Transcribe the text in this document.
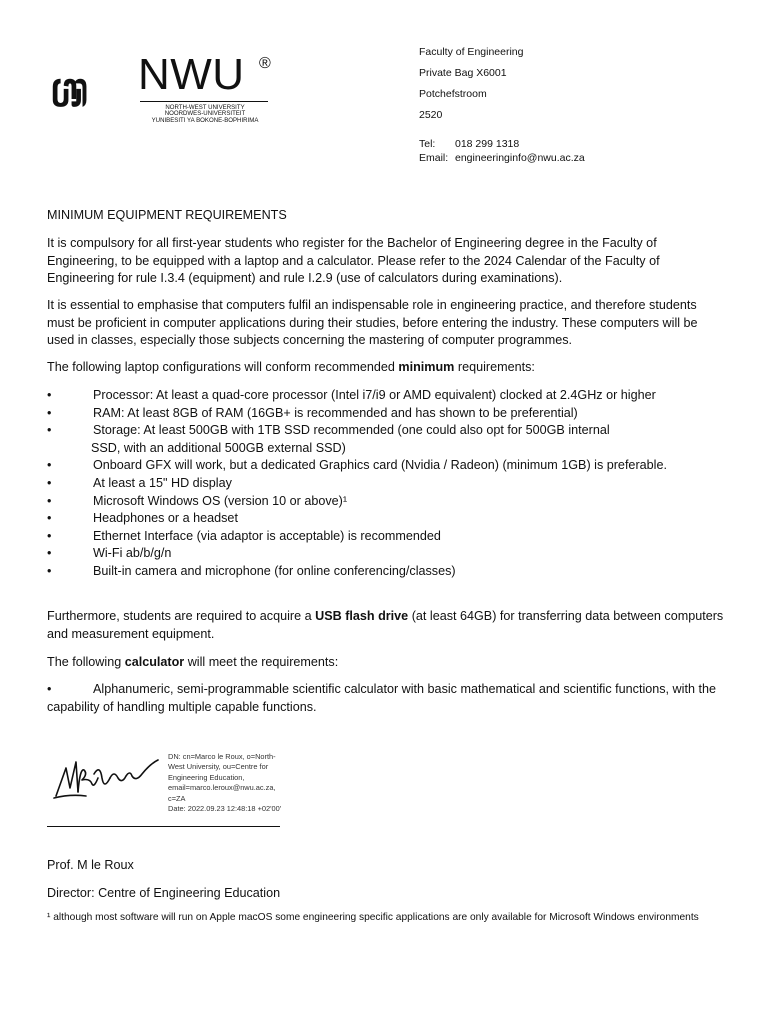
NWU ®
NORTH-WEST UNIVERSITY
NOORDWES-UNIVERSITEIT
YUNIBESITI YA BOKONE-BOPHIRIMA
Faculty of Engineering
Private Bag X6001
Potchefstroom
2520
Tel:	018 299 1318
Email: engineeringinfo@nwu.ac.za
MINIMUM EQUIPMENT REQUIREMENTS
It is compulsory for all first-year students who register for the Bachelor of Engineering degree in the Faculty of Engineering, to be equipped with a laptop and a calculator. Please refer to the 2024 Calendar of the Faculty of Engineering for rule I.3.4 (equipment) and rule I.2.9 (use of calculators during examinations).
It is essential to emphasise that computers fulfil an indispensable role in engineering practice, and therefore students must be proficient in computer applications during their studies, before entering the industry. These computers will be used in classes, especially those subjects concerning the mastering of computer programmes.
The following laptop configurations will conform recommended minimum requirements:
•	Processor: At least a quad-core processor (Intel i7/i9 or AMD equivalent) clocked at 2.4GHz or higher
•	RAM: At least 8GB of RAM (16GB+ is recommended and has shown to be preferential)
•	Storage: At least 500GB with 1TB SSD recommended (one could also opt for 500GB internal
SSD, with an additional 500GB external SSD)
•	Onboard GFX will work, but a dedicated Graphics card (Nvidia / Radeon) (minimum 1GB) is preferable.
•	At least a 15" HD display
•	Microsoft Windows OS (version 10 or above)¹
•	Headphones or a headset
•	Ethernet Interface (via adaptor is acceptable) is recommended
•	Wi-Fi ab/b/g/n
•	Built-in camera and microphone (for online conferencing/classes)
Furthermore, students are required to acquire a USB flash drive (at least 64GB) for transferring data between computers and measurement equipment.
The following calculator will meet the requirements:
•	Alphanumeric, semi-programmable scientific calculator with basic mathematical and scientific functions, with the capability of handling multiple capable functions.
DN: cn=Marco le Roux, o=North-
West University, ou=Centre for
Engineering Education,
email=marco.leroux@nwu.ac.za,
c=ZA
Date: 2022.09.23 12:48:18 +02'00'
Prof. M le Roux
Director: Centre of Engineering Education
¹ although most software will run on Apple macOS some engineering specific applications are only available for Microsoft Windows environments
